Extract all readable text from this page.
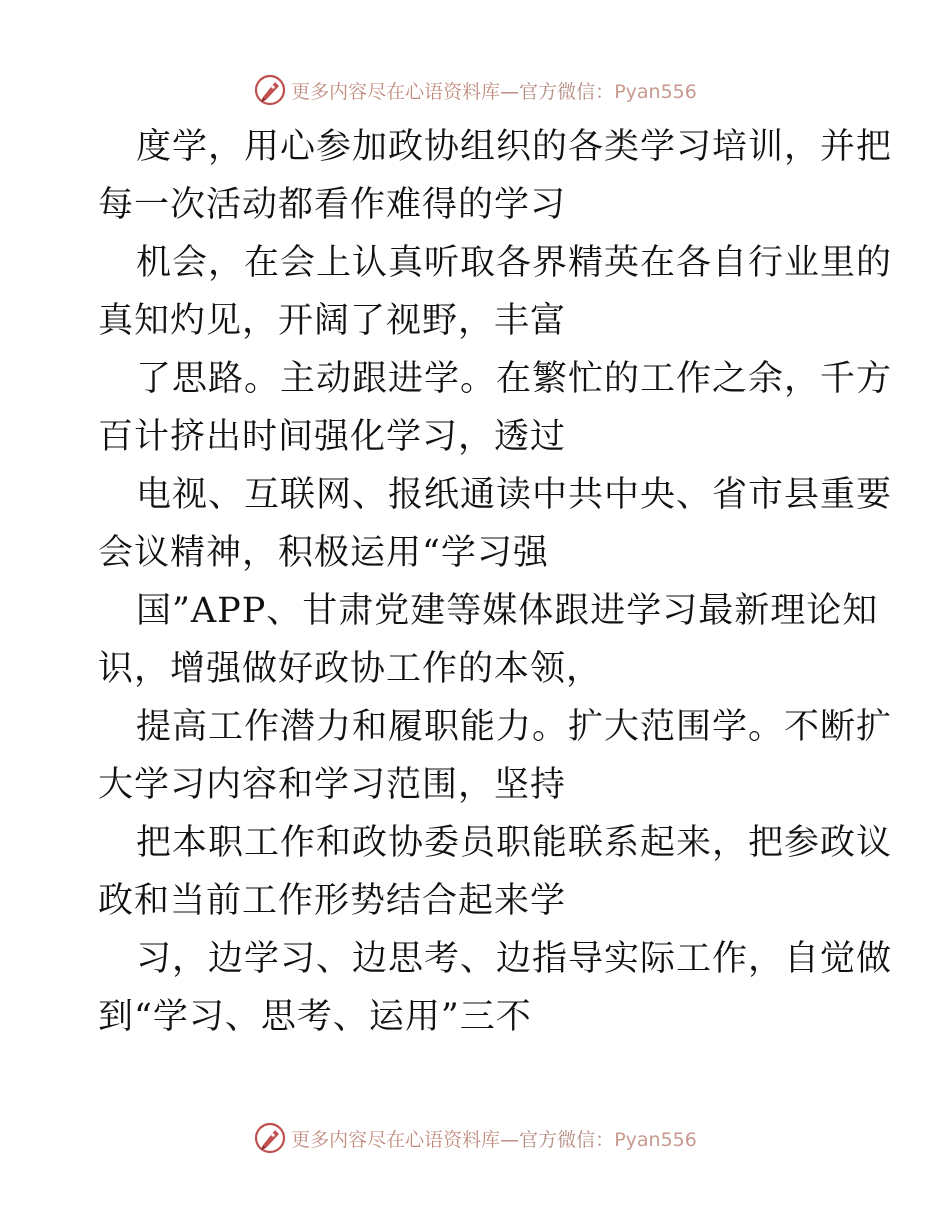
更多内容尽在心语资料库—官方微信：Pyan556
度学，用心参加政协组织的各类学习培训，并把
每一次活动都看作难得的学习
机会，在会上认真听取各界精英在各自行业里的
真知灼见，开阔了视野，丰富
了思路。主动跟进学。在繁忙的工作之余，千方
百计挤出时间强化学习，透过
电视、互联网、报纸通读中共中央、省市县重要
会议精神，积极运用“学习强
国”APP、甘肃党建等媒体跟进学习最新理论知
识，增强做好政协工作的本领，
提高工作潜力和履职能力。扩大范围学。不断扩
大学习内容和学习范围，坚持
把本职工作和政协委员职能联系起来，把参政议
政和当前工作形势结合起来学
习，边学习、边思考、边指导实际工作，自觉做
到“学习、思考、运用”三不
更多内容尽在心语资料库—官方微信：Pyan556
